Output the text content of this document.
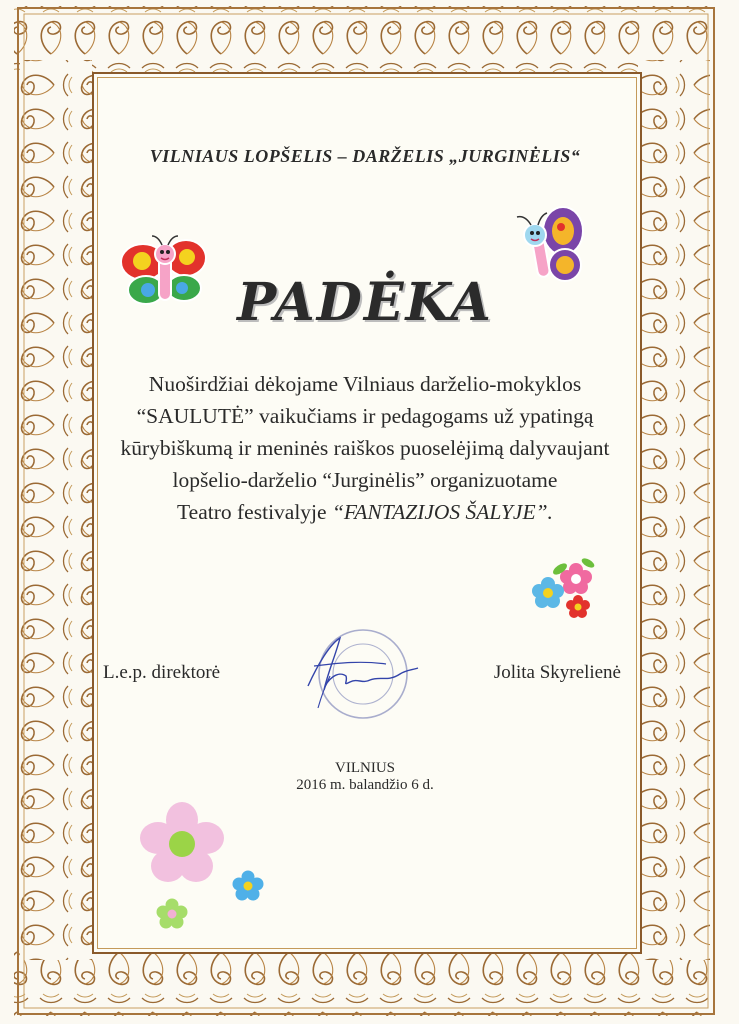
VILNIAUS LOPŠELIS – DARŽELIS „JURGINĖLIS“
PADĖKA
Nuoširdžiai dėkojame Vilniaus darželio-mokyklos
“SAULUTĖ” vaikučiams ir pedagogams už ypatingą
kūrybiškumą ir meninės raiškos puoselėjimą dalyvaujant
lopšelio-darželio “Jurginėlis” organizuotame
Teatro festivalyje “FANTAZIJOS ŠALYJE”.
L.e.p. direktorė	Jolita Skyrelienė
VILNIUS
2016 m. balandžio 6 d.
